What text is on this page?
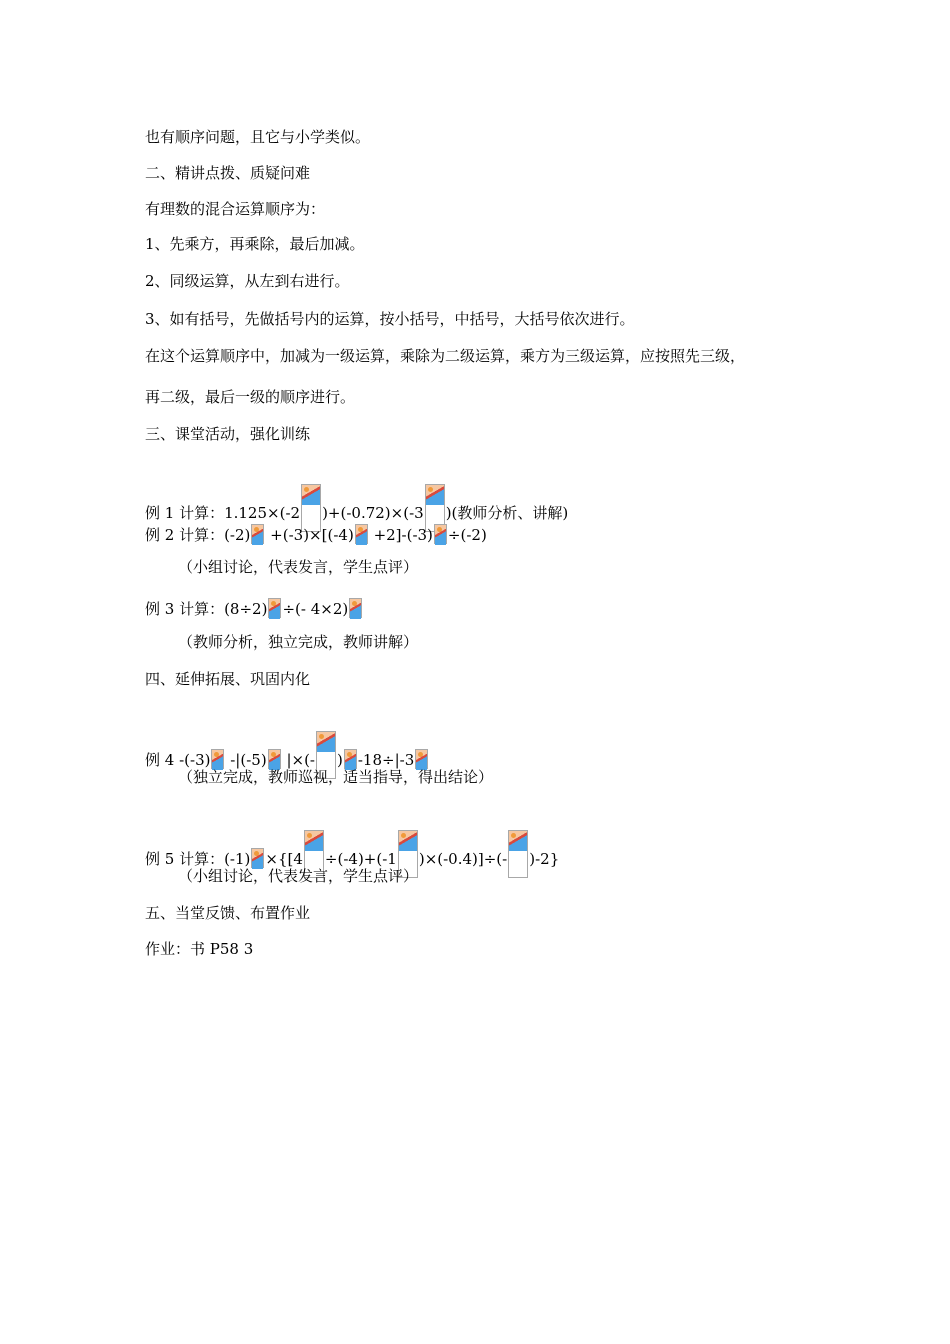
也有顺序问题，且它与小学类似。
二、精讲点拨、质疑问难
有理数的混合运算顺序为：
1、先乘方，再乘除，最后加减。
2、同级运算，从左到右进行。
3、如有括号，先做括号内的运算，按小括号，中括号，大括号依次进行。
在这个运算顺序中，加减为一级运算，乘除为二级运算，乘方为三级运算，应按照先三级，
再二级，最后一级的顺序进行。
三、课堂活动，强化训练
例 1 计算：1.125×(-2 )+(-0.72)×(-3 )(教师分析、讲解)
例 2 计算：(-2)
+(-3)×[(-4)
+2]-(-3) ÷(-2)
（小组讨论，代表发言，学生点评）
例 3 计算：(8÷2) ÷(- 4×2)
（教师分析，独立完成，教师讲解）
四、延伸拓展、巩固内化
例 4 -(-3)
-|(-5)
|×(- ) -18÷|-3
（独立完成，教师巡视，适当指导，得出结论）
例 5 计算：(-1) ×{[4 ÷(-4)+(-1 )×(-0.4)]÷(- )-2}
（小组讨论，代表发言，学生点评）
五、当堂反馈、布置作业
作业：书 P58 3
